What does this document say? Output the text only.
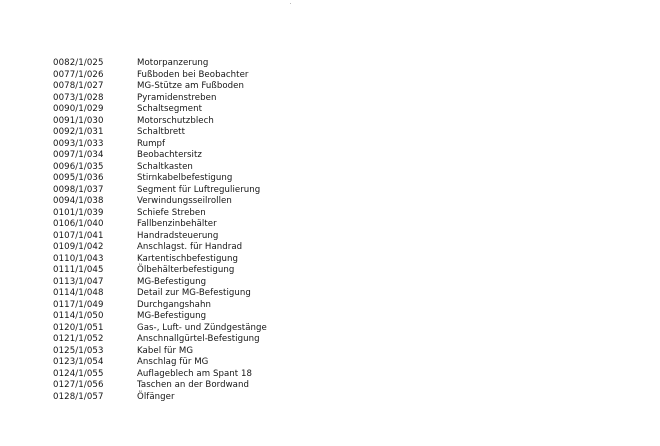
0082/1/025	Motorpanzerung
0077/1/026	Fußboden bei Beobachter
0078/1/027	MG-Stütze am Fußboden
0073/1/028	Pyramidenstreben
0090/1/029	Schaltsegment
0091/1/030	Motorschutzblech
0092/1/031	Schaltbrett
0093/1/033	Rumpf
0097/1/034	Beobachtersitz
0096/1/035	Schaltkasten
0095/1/036	Stirnkabelbefestigung
0098/1/037	Segment für Luftregulierung
0094/1/038	Verwindungsseilrollen
0101/1/039	Schiefe Streben
0106/1/040	Fallbenzinbehälter
0107/1/041	Handradsteuerung
0109/1/042	Anschlagst. für Handrad
0110/1/043	Kartentischbefestigung
0111/1/045	Ölbehälterbefestigung
0113/1/047	MG-Befestigung
0114/1/048	Detail zur MG-Befestigung
0117/1/049	Durchgangshahn
0114/1/050	MG-Befestigung
0120/1/051	Gas-, Luft- und Zündgestänge
0121/1/052	Anschnallgürtel-Befestigung
0125/1/053	Kabel für MG
0123/1/054	Anschlag für MG
0124/1/055	Auflageblech am Spant 18
0127/1/056	Taschen an der Bordwand
0128/1/057	Ölfänger
